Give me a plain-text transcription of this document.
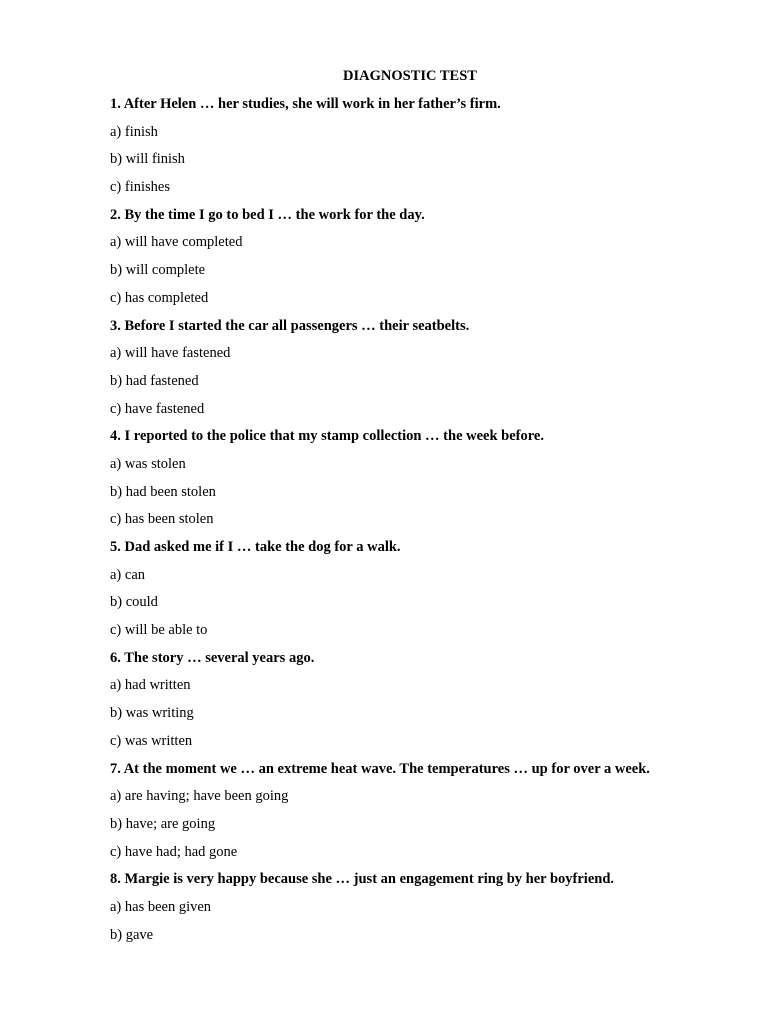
DIAGNOSTIC TEST
1. After Helen … her studies, she will work in her father’s firm.
a) finish
b) will finish
c) finishes
2. By the time I go to bed I … the work for the day.
a) will have completed
b) will complete
c) has completed
3. Before I started the car all passengers … their seatbelts.
a) will have fastened
b) had fastened
c) have fastened
4. I reported to the police that my stamp collection … the week before.
a) was stolen
b) had been stolen
c) has been stolen
5. Dad asked me if I … take the dog for a walk.
a) can
b) could
c) will be able to
6. The story … several years ago.
a) had written
b) was writing
c) was written
7. At the moment we … an extreme heat wave. The temperatures … up for over a week.
a) are having; have been going
b) have; are going
c) have had; had gone
8. Margie is very happy because she … just an engagement ring by her boyfriend.
a) has been given
b) gave
